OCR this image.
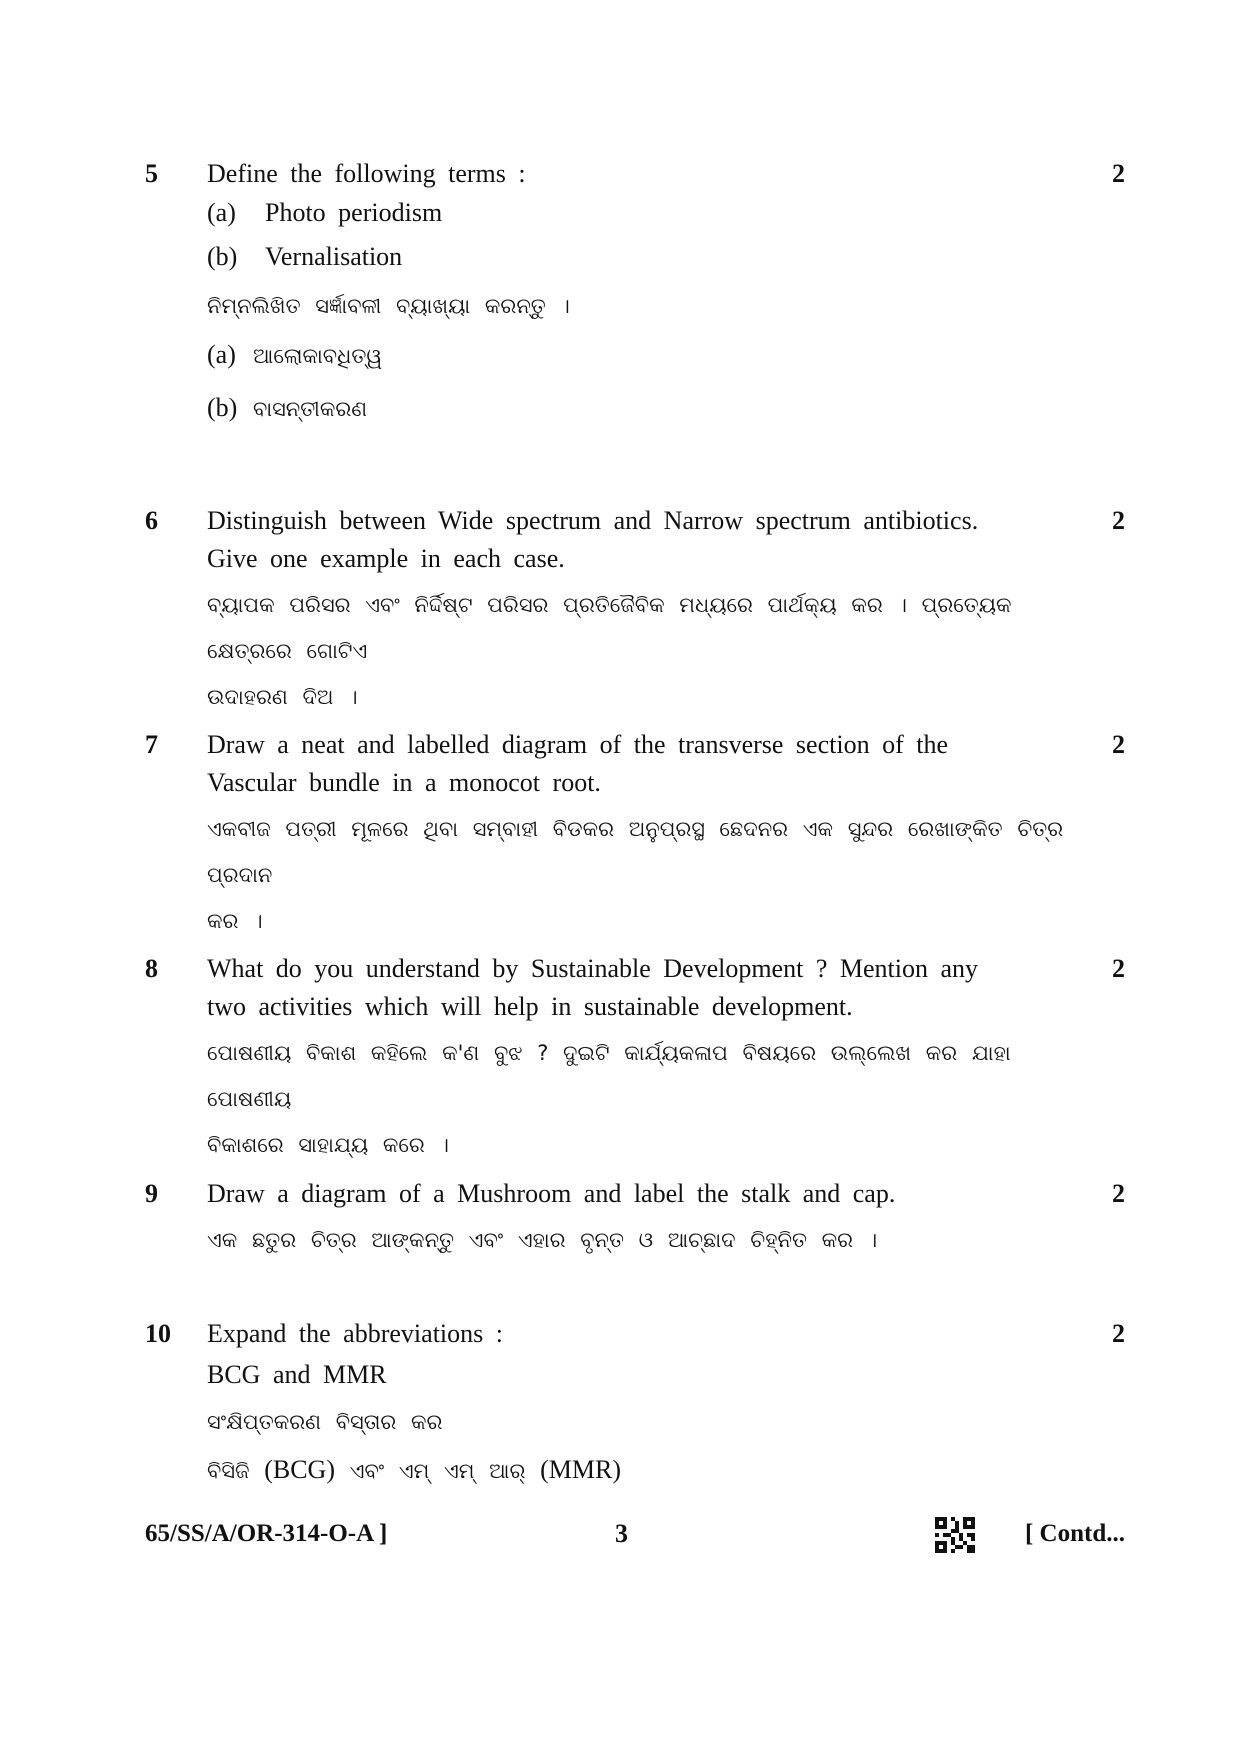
5	2

Define the following terms :

(a) Photo periodism

(b) Vernalisation

ନିମ୍ନଲିଖିତ ସର୍ଜ୍ଞାବଳୀ ବ୍ୟାଖ୍ୟା କରନ୍ତୁ ।

(a) ଆଲୋକାବଧିତ୍ୱ

(b) ବାସନ୍ତୀକରଣ

6	2

Distinguish between Wide spectrum and Narrow spectrum antibiotics.

Give one example in each case.

ବ୍ୟାପକ ପରିସର ଏବଂ ନିର୍ଦ୍ଦିଷ୍ଟ ପରିସର ପ୍ରତିଜୈବିକ ମଧ୍ୟରେ ପାର୍ଥକ୍ୟ କର । ପ୍ରତ୍ୟେକ କ୍ଷେତ୍ରରେ ଗୋଟିଏ

ଉଦାହରଣ ଦିଅ ।

7	2

Draw a neat and labelled diagram of the transverse section of the

Vascular bundle in a monocot root.

ଏକବୀଜ ପତ୍ରୀ ମୂଳରେ ଥିବା ସମ୍ବାହୀ ବିଡକର ଅନୁପ୍ରସ୍ଥ ଛେଦନର ଏକ ସୁନ୍ଦର ରେଖାଙ୍କିତ ଚିତ୍ର ପ୍ରଦାନ

କର ।

8	2

What do you understand by Sustainable Development ? Mention any

two activities which will help in sustainable development.

ପୋଷଣୀୟ ବିକାଶ କହିଲେ କ'ଣ ବୁଝ ? ଦୁଇଟି କାର୍ଯ୍ୟକଳାପ ବିଷୟରେ ଉଲ୍ଲେଖ କର ଯାହା ପୋଷଣୀୟ

ବିକାଶରେ ସାହାଯ୍ୟ କରେ ।

9	2

Draw a diagram of a Mushroom and label the stalk and cap.

ଏକ ଛତୁର ଚିତ୍ର ଆଙ୍କନ୍ତୁ ଏବଂ ଏହାର ବୃନ୍ତ ଓ ଆଚ୍ଛାଦ ଚିହ୍ନିତ କର ।

10	2

Expand the abbreviations :

BCG and MMR

ସଂକ୍ଷିପ୍ତକରଣ ବିସ୍ତାର କର

ବିସିଜି (BCG) ଏବଂ ଏମ୍ ଏମ୍ ଆର୍ (MMR)

65/SS/A/OR-314-O-A ]	3	[ Contd...
